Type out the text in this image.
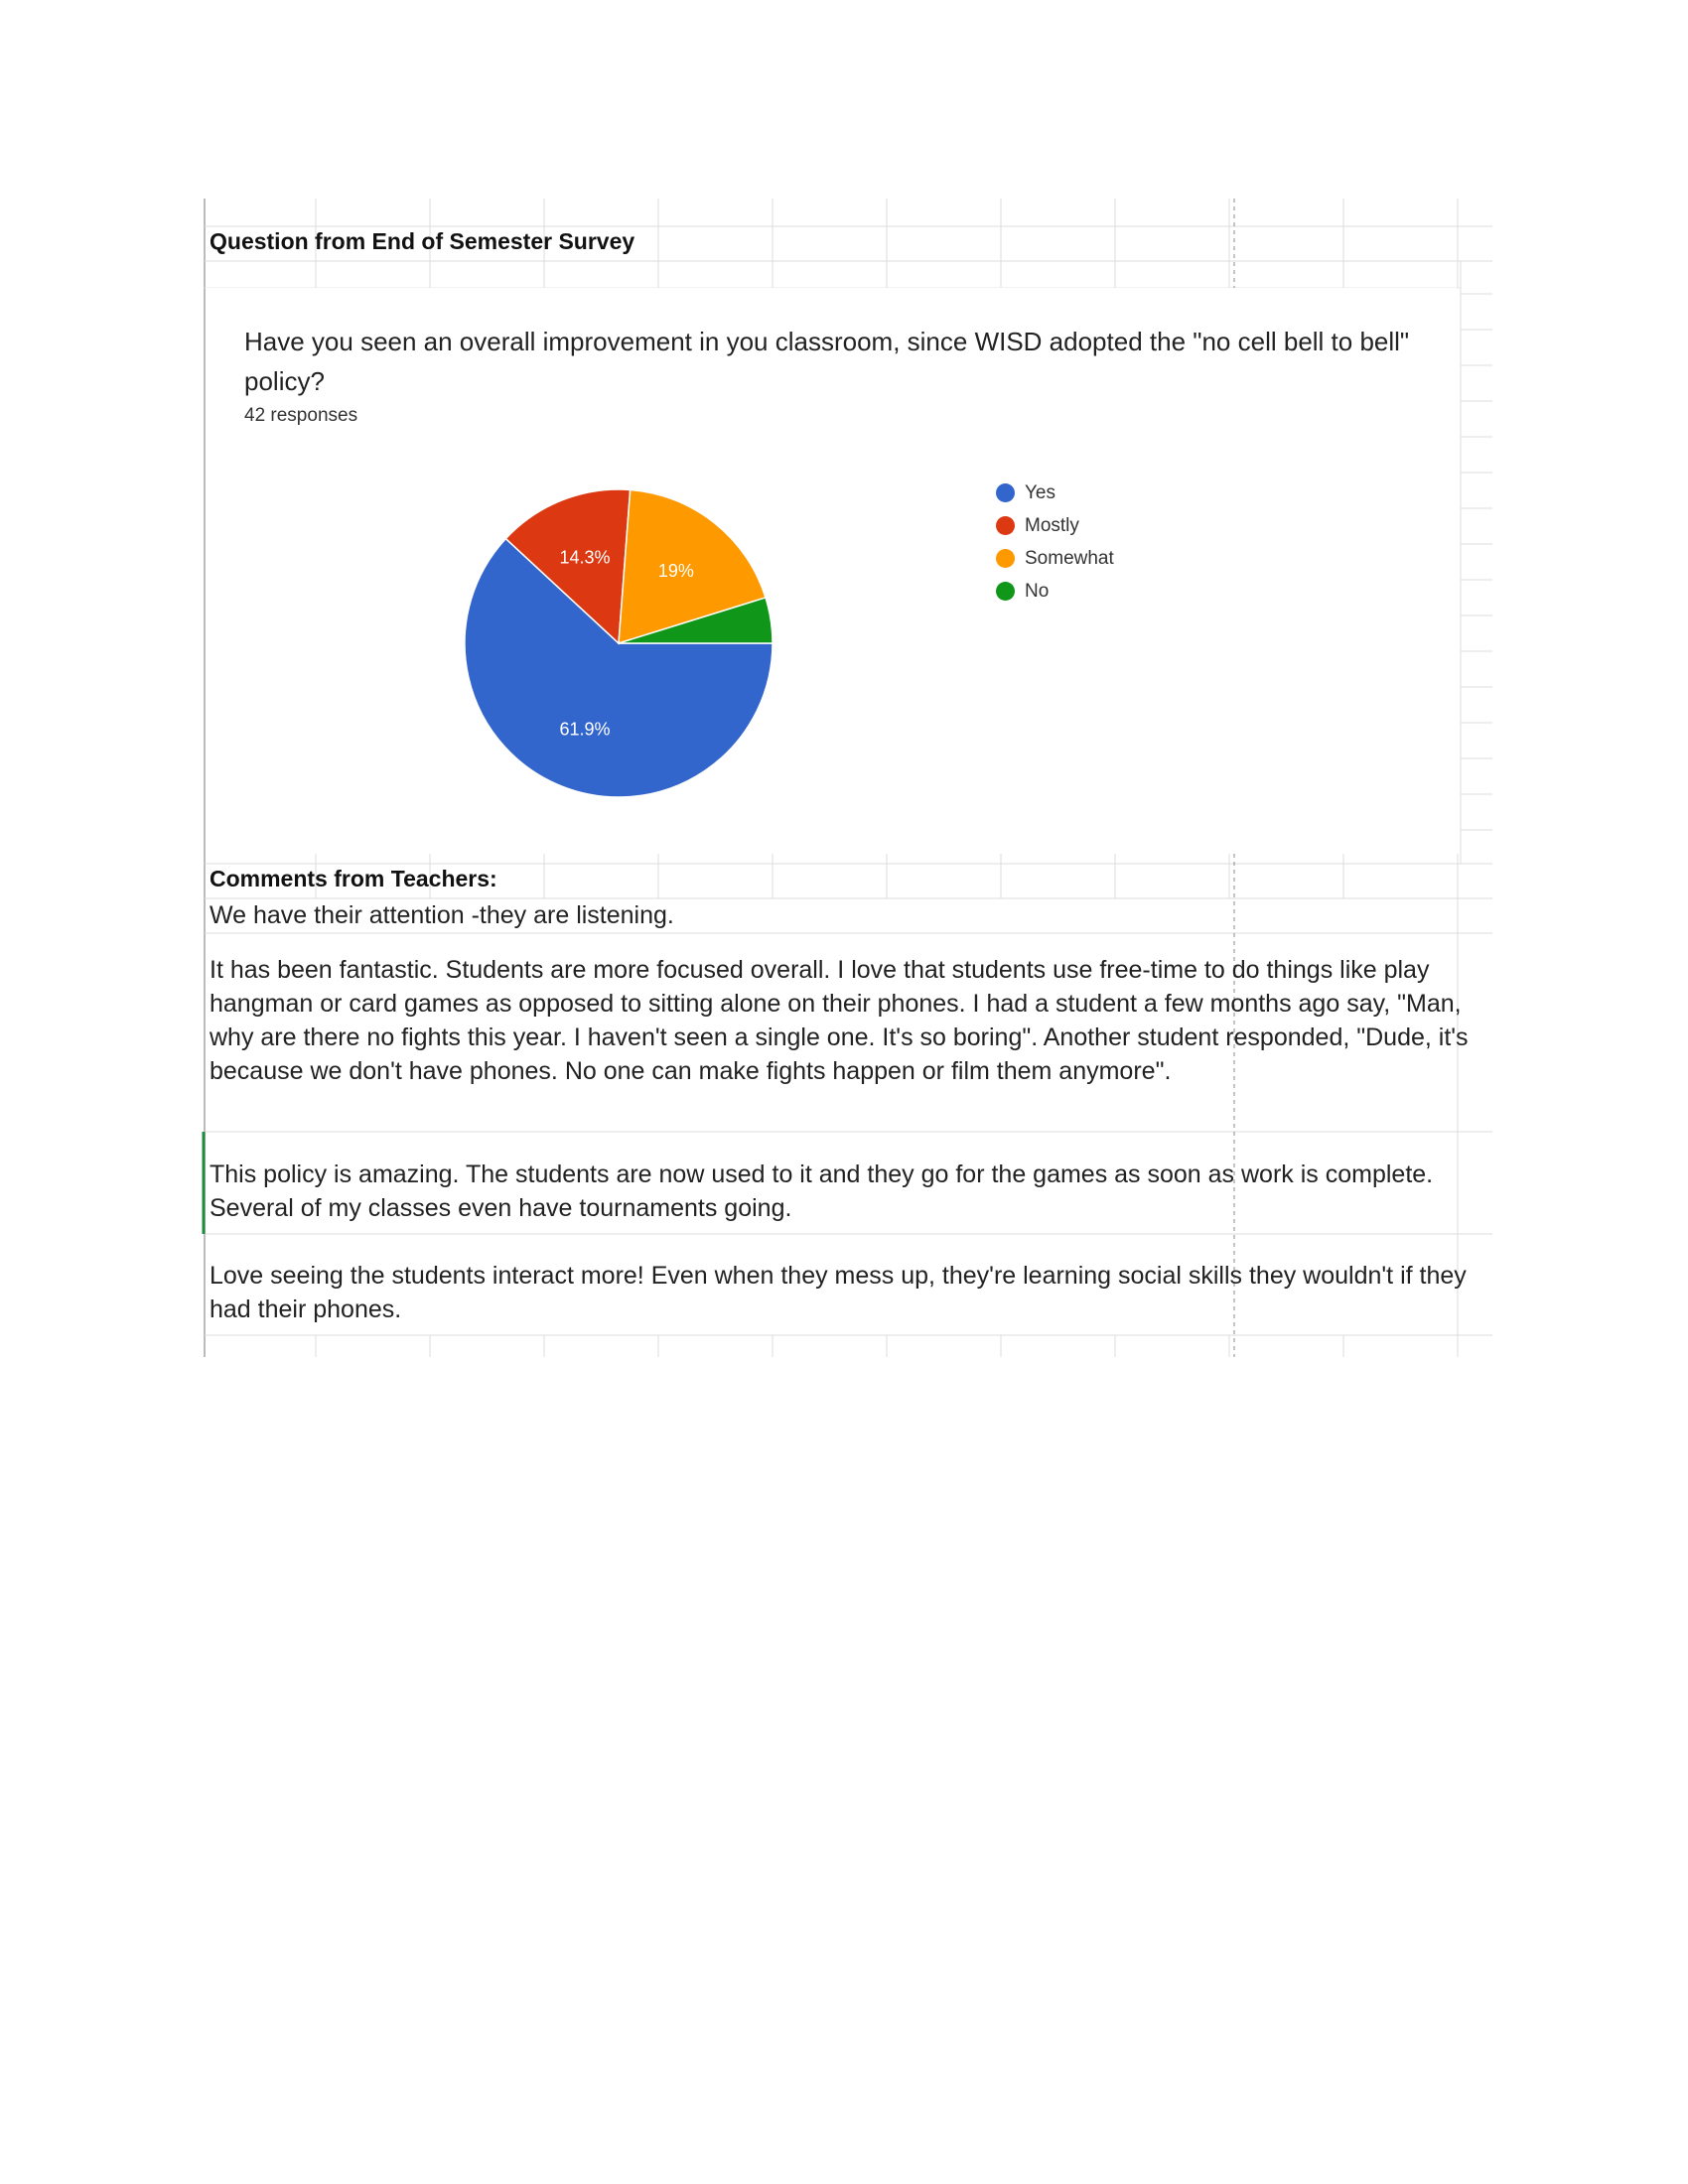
Question from End of Semester Survey
Have you seen an overall improvement in you classroom, since WISD adopted the "no cell bell to bell" policy?
42 responses
61.9%
14.3%
19%
Yes
Mostly
Somewhat
No
Comments from Teachers:
We have their attention -they are listening.
It has been fantastic. Students are more focused overall. I love that students use free-time to do things like play hangman or card games as opposed to sitting alone on their phones. I had a student a few months ago say, "Man, why are there no fights this year. I haven't seen a single one. It's so boring". Another student responded, "Dude, it's because we don't have phones. No one can make fights happen or film them anymore".
This policy is amazing. The students are now used to it and they go for the games as soon as work is complete. Several of my classes even have tournaments going.
Love seeing the students interact more! Even when they mess up, they're learning social skills they wouldn't if they had their phones.
